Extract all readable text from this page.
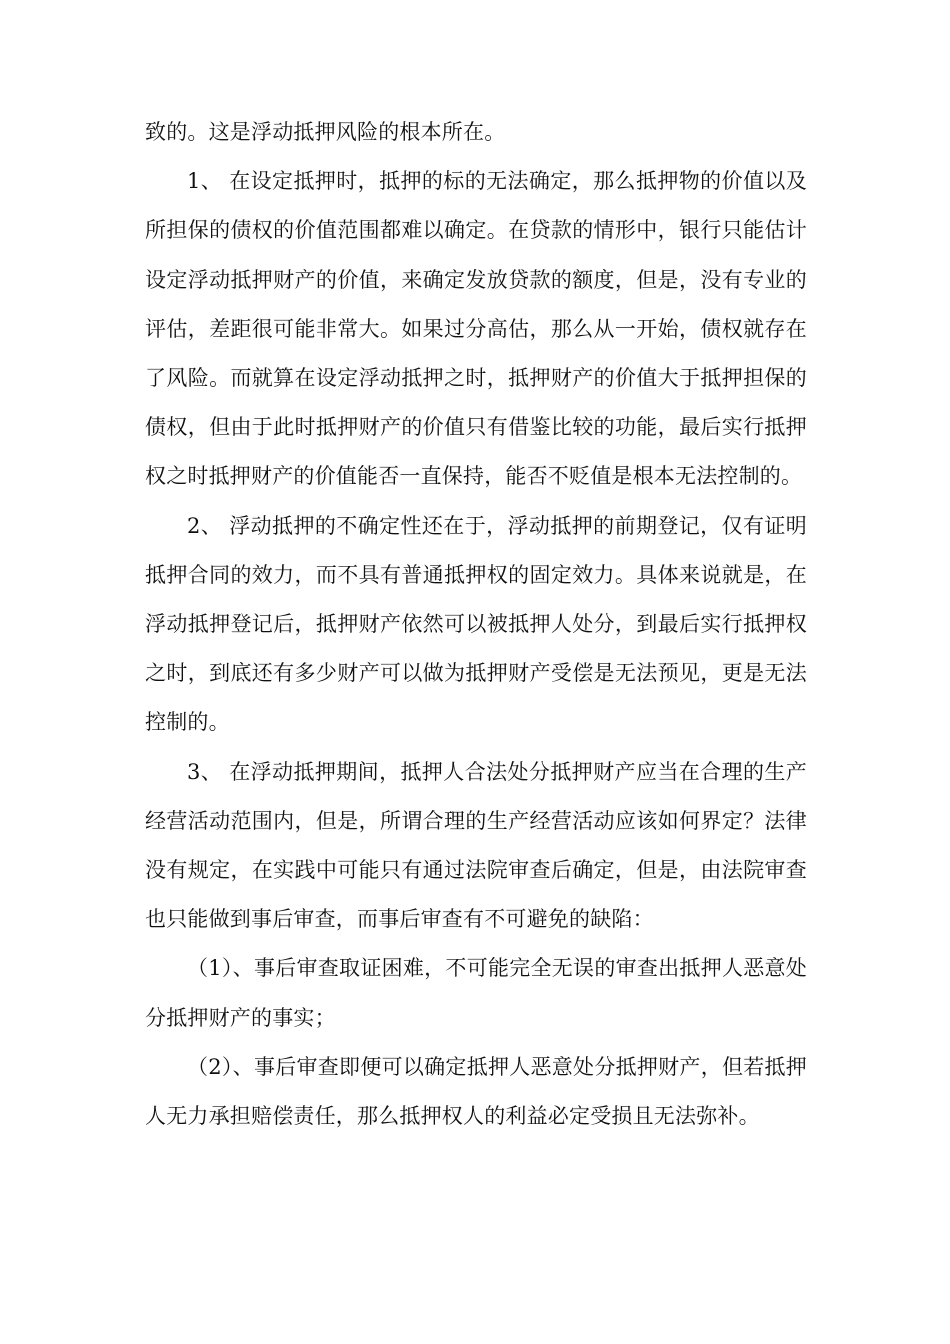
致的。这是浮动抵押风险的根本所在。

1、 在设定抵押时，抵押的标的无法确定，那么抵押物的价值以及所担保的债权的价值范围都难以确定。在贷款的情形中，银行只能估计设定浮动抵押财产的价值，来确定发放贷款的额度，但是，没有专业的评估，差距很可能非常大。如果过分高估，那么从一开始，债权就存在了风险。而就算在设定浮动抵押之时，抵押财产的价值大于抵押担保的债权，但由于此时抵押财产的价值只有借鉴比较的功能，最后实行抵押权之时抵押财产的价值能否一直保持，能否不贬值是根本无法控制的。

2、 浮动抵押的不确定性还在于，浮动抵押的前期登记，仅有证明抵押合同的效力，而不具有普通抵押权的固定效力。具体来说就是，在浮动抵押登记后，抵押财产依然可以被抵押人处分，到最后实行抵押权之时，到底还有多少财产可以做为抵押财产受偿是无法预见，更是无法控制的。

3、 在浮动抵押期间，抵押人合法处分抵押财产应当在合理的生产经营活动范围内，但是，所谓合理的生产经营活动应该如何界定？法律没有规定，在实践中可能只有通过法院审查后确定，但是，由法院审查也只能做到事后审查，而事后审查有不可避免的缺陷：

（1）、事后审查取证困难，不可能完全无误的审查出抵押人恶意处分抵押财产的事实；

（2）、事后审查即便可以确定抵押人恶意处分抵押财产，但若抵押人无力承担赔偿责任，那么抵押权人的利益必定受损且无法弥补。
